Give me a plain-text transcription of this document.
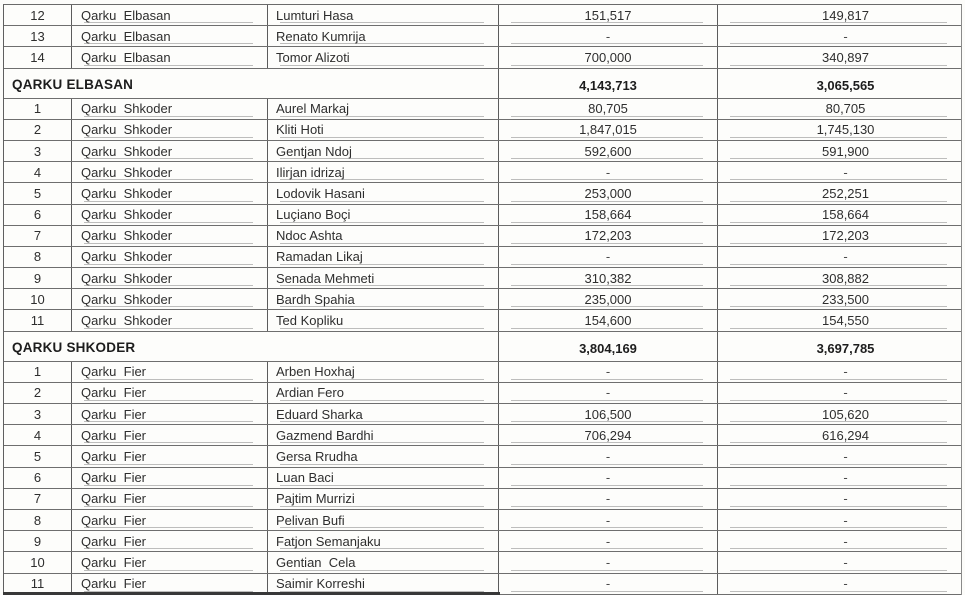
12	Qarku  Elbasan	Lumturi Hasa	151,517	149,817
13	Qarku  Elbasan	Renato Kumrija	-	-
14	Qarku  Elbasan	Tomor Alizoti	700,000	340,897
QARKU ELBASAN	4,143,713	3,065,565
1	Qarku  Shkoder	Aurel Markaj	80,705	80,705
2	Qarku  Shkoder	Kliti Hoti	1,847,015	1,745,130
3	Qarku  Shkoder	Gentjan Ndoj	592,600	591,900
4	Qarku  Shkoder	Ilirjan idrizaj	-	-
5	Qarku  Shkoder	Lodovik Hasani	253,000	252,251
6	Qarku  Shkoder	Luçiano Boçi	158,664	158,664
7	Qarku  Shkoder	Ndoc Ashta	172,203	172,203
8	Qarku  Shkoder	Ramadan Likaj	-	-
9	Qarku  Shkoder	Senada Mehmeti	310,382	308,882
10	Qarku  Shkoder	Bardh Spahia	235,000	233,500
11	Qarku  Shkoder	Ted Kopliku	154,600	154,550
QARKU SHKODER	3,804,169	3,697,785
1	Qarku  Fier	Arben Hoxhaj	-	-
2	Qarku  Fier	Ardian Fero	-	-
3	Qarku  Fier	Eduard Sharka	106,500	105,620
4	Qarku  Fier	Gazmend Bardhi	706,294	616,294
5	Qarku  Fier	Gersa Rrudha	-	-
6	Qarku  Fier	Luan Baci	-	-
7	Qarku  Fier	Pajtim Murrizi	-	-
8	Qarku  Fier	Pelivan Bufi	-	-
9	Qarku  Fier	Fatjon Semanjaku	-	-
10	Qarku  Fier	Gentian  Cela	-	-
11	Qarku  Fier	Saimir Korreshi	-	-
